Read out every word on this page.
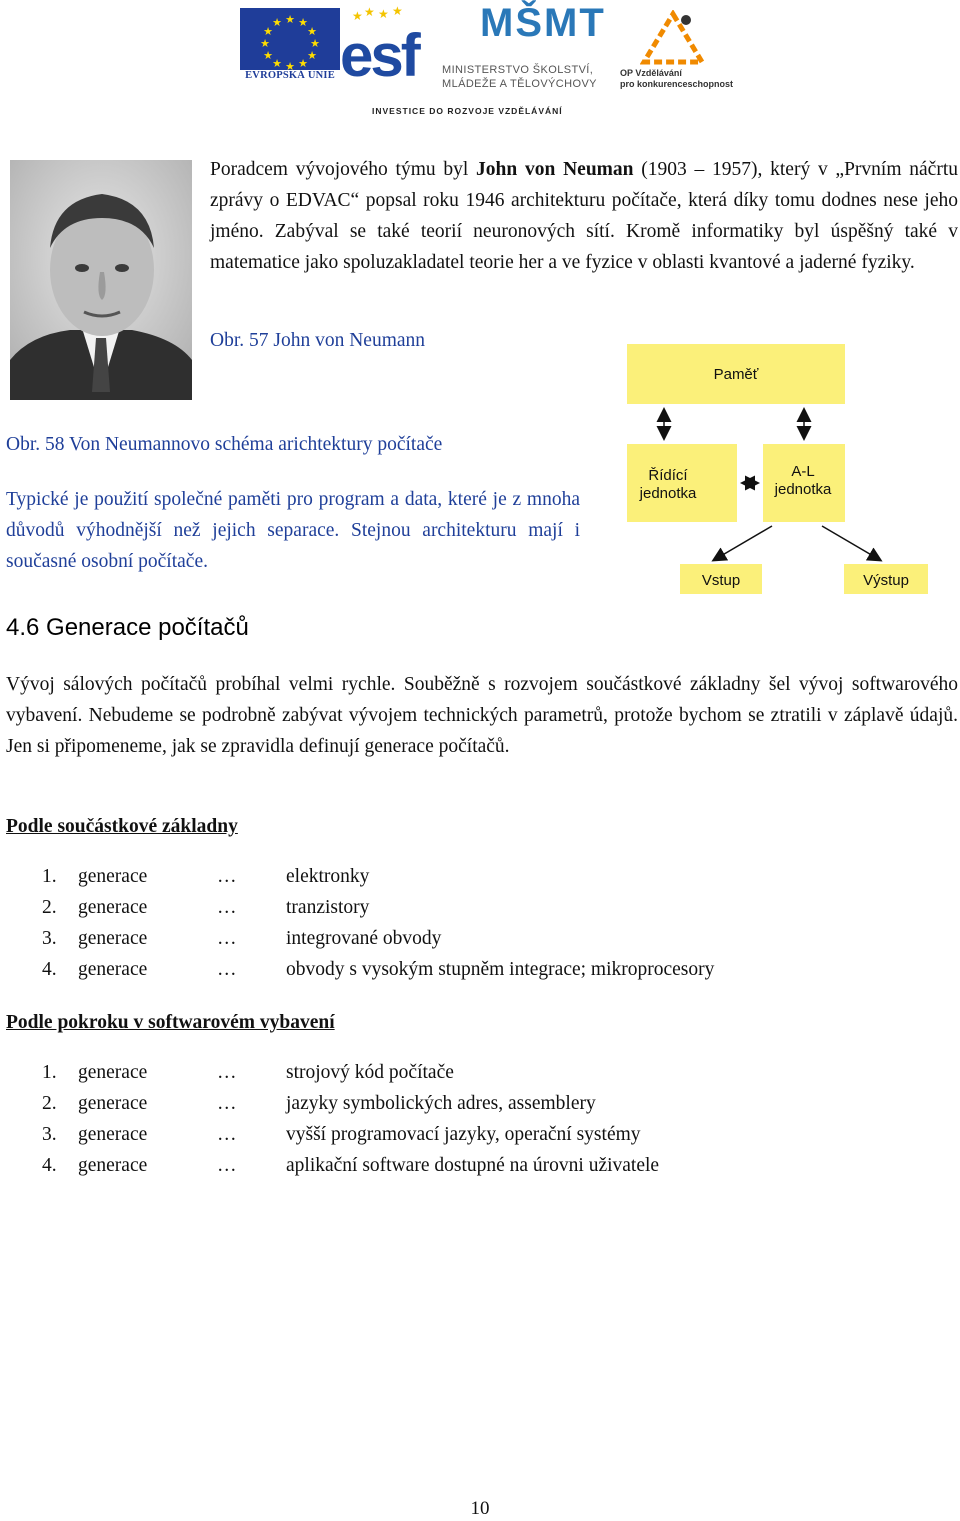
★ ★
★
★
★
★
★
★
★
★
★
★
EVROPSKÁ UNIE
★ ★ ★ ★
esf MŠMT
MINISTERSTVO ŠKOLSTVÍ,
MLÁDEŽE A TĚLOVÝCHOVY
OP Vzdělávání
pro konkurenceschopnost
INVESTICE DO ROZVOJE VZDĚLÁVÁNÍ
Poradcem vývojového týmu byl John von Neuman (1903 – 1957), který v „Prvním náčrtu zprávy o EDVAC“ popsal roku 1946 architekturu počítače, která díky tomu dodnes nese jeho jméno. Zabýval se také teorií neuronových sítí. Kromě informatiky byl úspěšný také v matematice jako spoluzakladatel teorie her a ve fyzice v oblasti kvantové a jaderné fyziky.
Obr. 57 John von Neumann
Obr. 58 Von Neumannovo schéma arichtektury počítače
Typické je použití společné paměti pro program a data, které je z mnoha důvodů výhodnější než jejich separace. Stejnou architekturu mají i současné osobní počítače.
Paměť
Řídící
jednotka
A-L
jednotka
Vstup	Výstup
4.6 Generace počítačů
Vývoj sálových počítačů probíhal velmi rychle. Souběžně s rozvojem součástkové základny šel vývoj softwarového vybavení. Nebudeme se podrobně zabývat vývojem technických parametrů, protože bychom se ztratili v záplavě údajů. Jen si připomeneme, jak se zpravidla definují generace počítačů.
Podle součástkové základny
1. generace	…	elektronky
2. generace	…	tranzistory
3. generace	…	integrované obvody
4. generace	…	obvody s vysokým stupněm integrace; mikroprocesory
Podle pokroku v softwarovém vybavení
1. generace	…	strojový kód počítače
2. generace	…	jazyky symbolických adres, assemblery
3. generace	…	vyšší programovací jazyky, operační systémy
4. generace	…	aplikační software dostupné na úrovni uživatele
10
